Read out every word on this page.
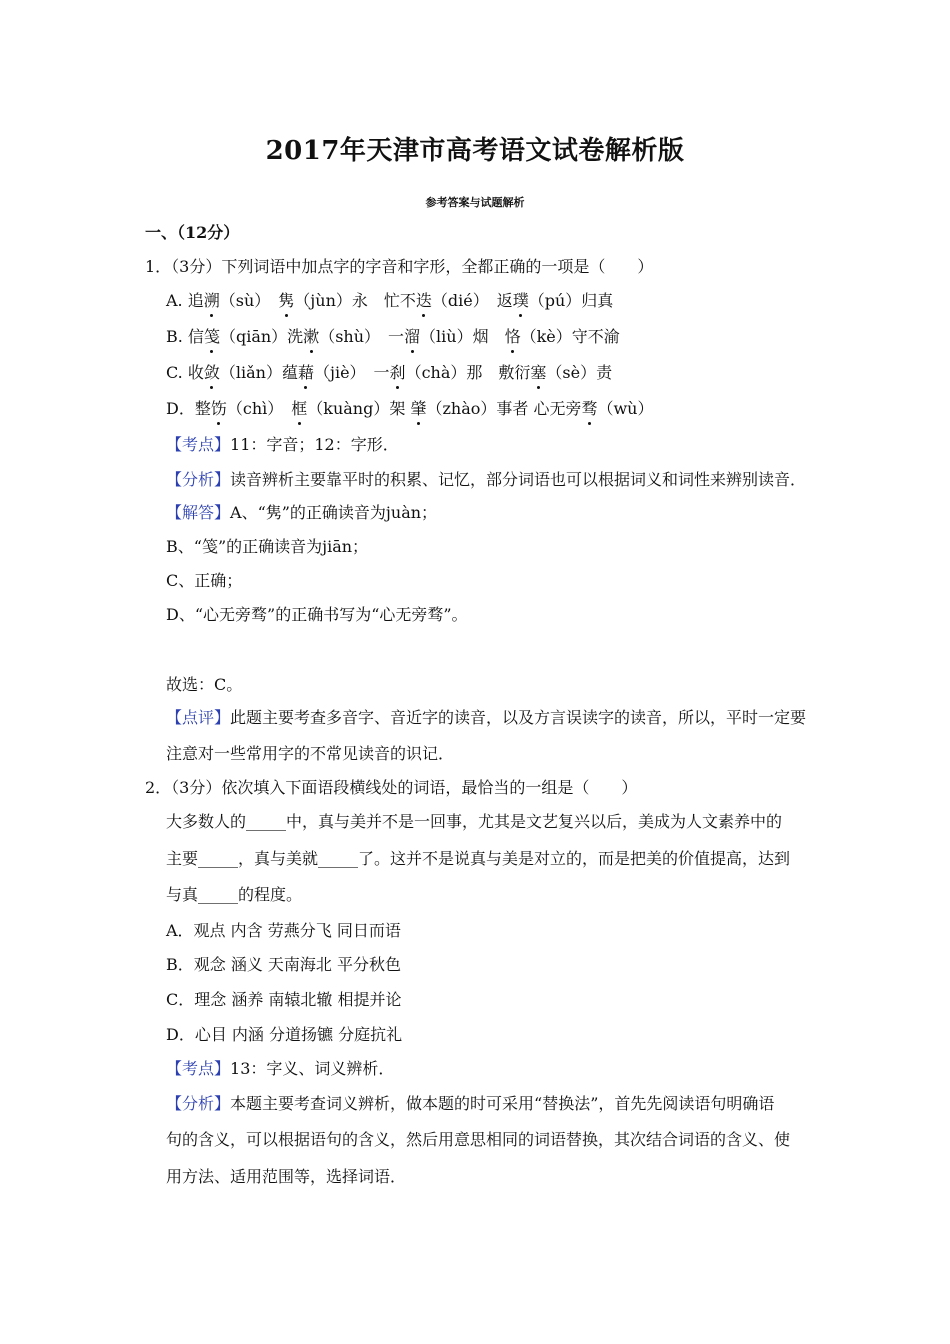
2017年天津市高考语文试卷解析版
参考答案与试题解析
一、（12分）
1．（3分）下列词语中加点字的字音和字形，全都正确的一项是（　　）
A. 追溯（sù）　隽（jùn）永　忙不迭（dié）　返璞（pú）归真
B. 信笺（qiān）洗漱（shù）　一溜（liù）烟　恪（kè）守不渝
C. 收敛（liǎn）蕴藉（jiè）　一刹（chà）那　敷衍塞（sè）责
D．整饬（chì）　框（kuàng）架 肇（zhào）事者 心无旁骛（wù）
【考点】11：字音；12：字形．
【分析】读音辨析主要靠平时的积累、记忆，部分词语也可以根据词义和词性来辨别读音．
【解答】A、“隽”的正确读音为juàn；
B、“笺”的正确读音为jiān；
C、正确；
D、“心无旁骛”的正确书写为“心无旁骛”。
故选：C。
【点评】此题主要考查多音字、音近字的读音，以及方言误读字的读音，所以，平时一定要
注意对一些常用字的不常见读音的识记．
2．（3分）依次填入下面语段横线处的词语，最恰当的一组是（　　）
大多数人的_____中，真与美并不是一回事，尤其是文艺复兴以后，美成为人文素养中的
主要_____，真与美就_____了。这并不是说真与美是对立的，而是把美的价值提高，达到
与真_____的程度。
A．观点 内含 劳燕分飞 同日而语
B．观念 涵义 天南海北 平分秋色
C．理念 涵养 南辕北辙 相提并论
D．心目 内涵 分道扬镳 分庭抗礼
【考点】13：字义、词义辨析．
【分析】本题主要考查词义辨析，做本题的时可采用“替换法”，首先先阅读语句明确语
句的含义，可以根据语句的含义，然后用意思相同的词语替换，其次结合词语的含义、使
用方法、适用范围等，选择词语．
